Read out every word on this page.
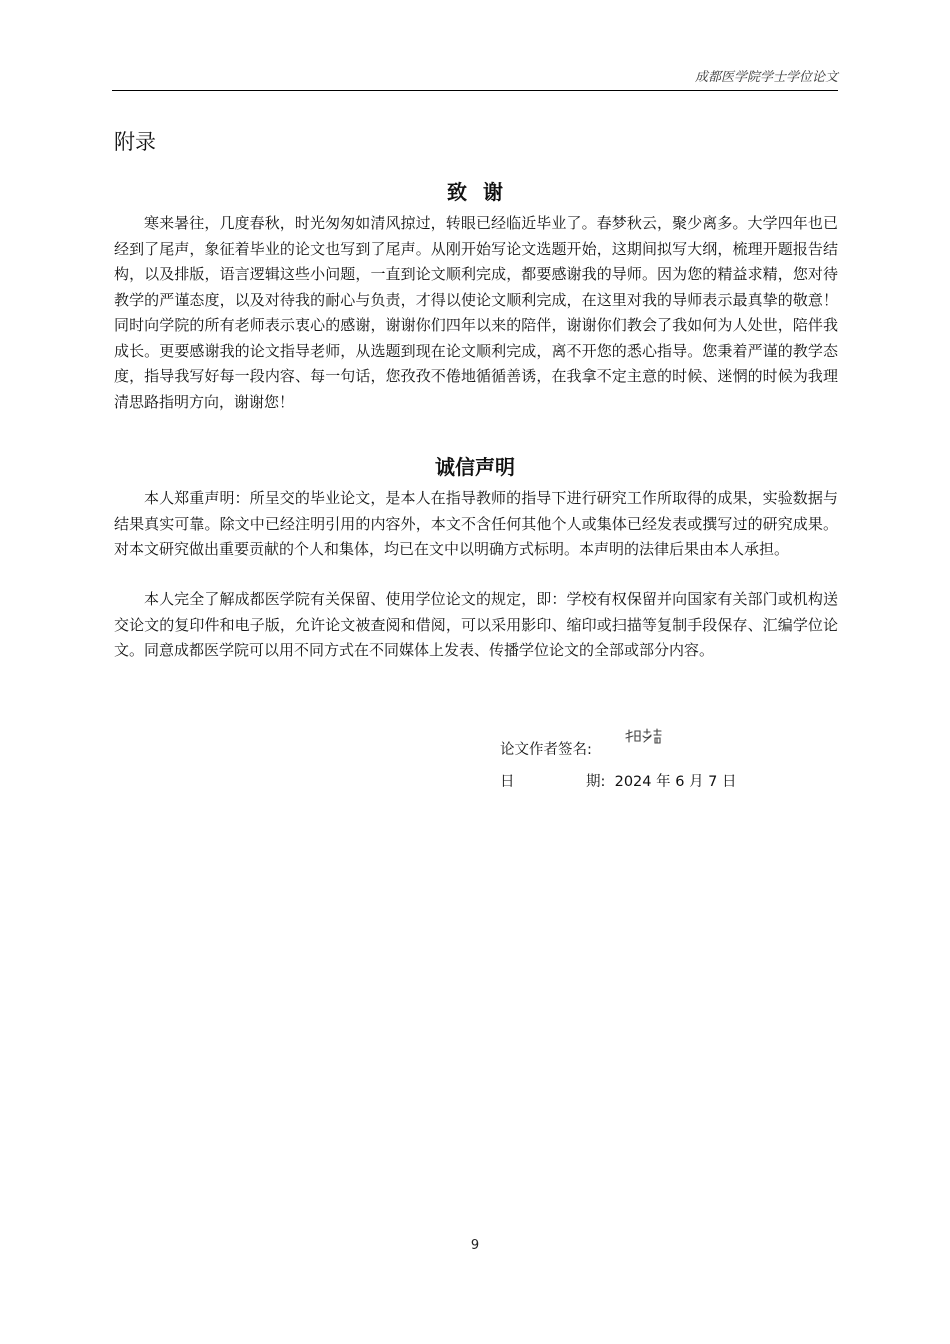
成都医学院学士学位论文
附录
致谢

寒来暑往，几度春秋，时光匆匆如清风掠过，转眼已经临近毕业了。春梦秋云，聚少离多。大学四年也已经到了尾声，象征着毕业的论文也写到了尾声。从刚开始写论文选题开始，这期间拟写大纲，梳理开题报告结构，以及排版，语言逻辑这些小问题，一直到论文顺利完成，都要感谢我的导师。因为您的精益求精，您对待教学的严谨态度，以及对待我的耐心与负责，才得以使论文顺利完成，在这里对我的导师表示最真挚的敬意！同时向学院的所有老师表示衷心的感谢，谢谢你们四年以来的陪伴，谢谢你们教会了我如何为人处世，陪伴我成长。更要感谢我的论文指导老师，从选题到现在论文顺利完成，离不开您的悉心指导。您秉着严谨的教学态度，指导我写好每一段内容、每一句话，您孜孜不倦地循循善诱，在我拿不定主意的时候、迷惘的时候为我理清思路指明方向，谢谢您！

诚信声明

本人郑重声明：所呈交的毕业论文，是本人在指导教师的指导下进行研究工作所取得的成果，实验数据与结果真实可靠。除文中已经注明引用的内容外，本文不含任何其他个人或集体已经发表或撰写过的研究成果。对本文研究做出重要贡献的个人和集体，均已在文中以明确方式标明。本声明的法律后果由本人承担。

本人完全了解成都医学院有关保留、使用学位论文的规定，即：学校有权保留并向国家有关部门或机构送交论文的复印件和电子版，允许论文被查阅和借阅，可以采用影印、缩印或扫描等复制手段保存、汇编学位论文。同意成都医学院可以用不同方式在不同媒体上发表、传播学位论文的全部或部分内容。

论文作者签名:
日	期: 2024 年 6 月 7 日
9
